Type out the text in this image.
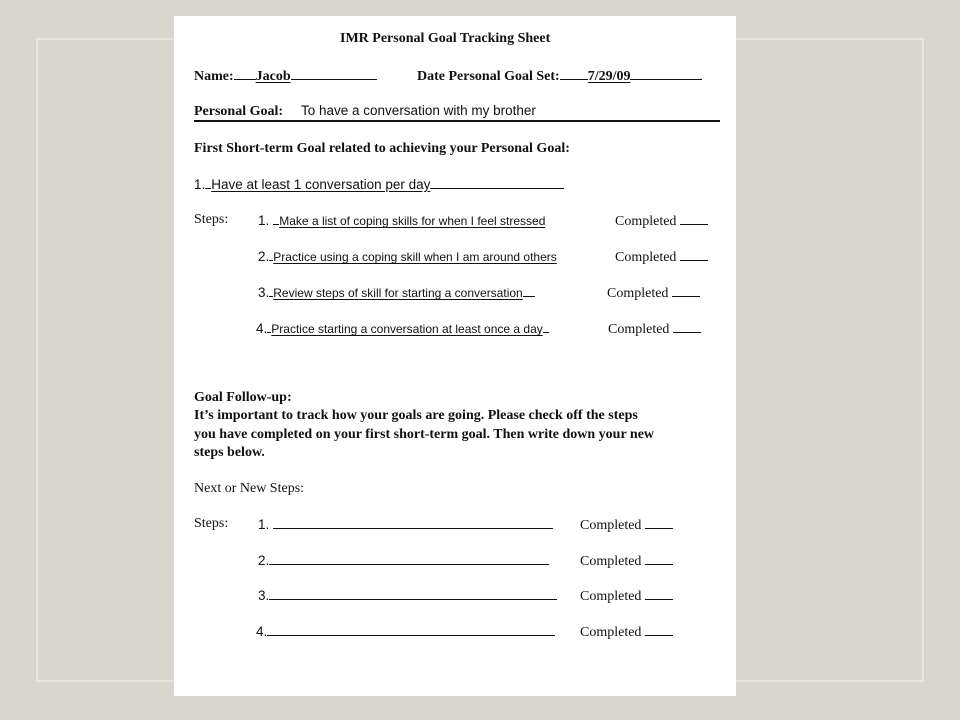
IMR Personal Goal Tracking Sheet
Name: Jacob	Date Personal Goal Set: 7/29/09
Personal Goal: To have a conversation with my brother
First Short-term Goal related to achieving your Personal Goal:
1. Have at least 1 conversation per day
Steps: 1. Make a list of coping skills for when I feel stressed	Completed
2. Practice using a coping skill when I am around others	Completed
3. Review steps of skill for starting a conversation	Completed
4. Practice starting a conversation at least once a day	Completed
Goal Follow-up:
It’s important to track how your goals are going. Please check off the steps
you have completed on your first short-term goal. Then write down your new
steps below.
Next or New Steps:
Steps: 1.	Completed
2.	Completed
3.	Completed
4.	Completed
